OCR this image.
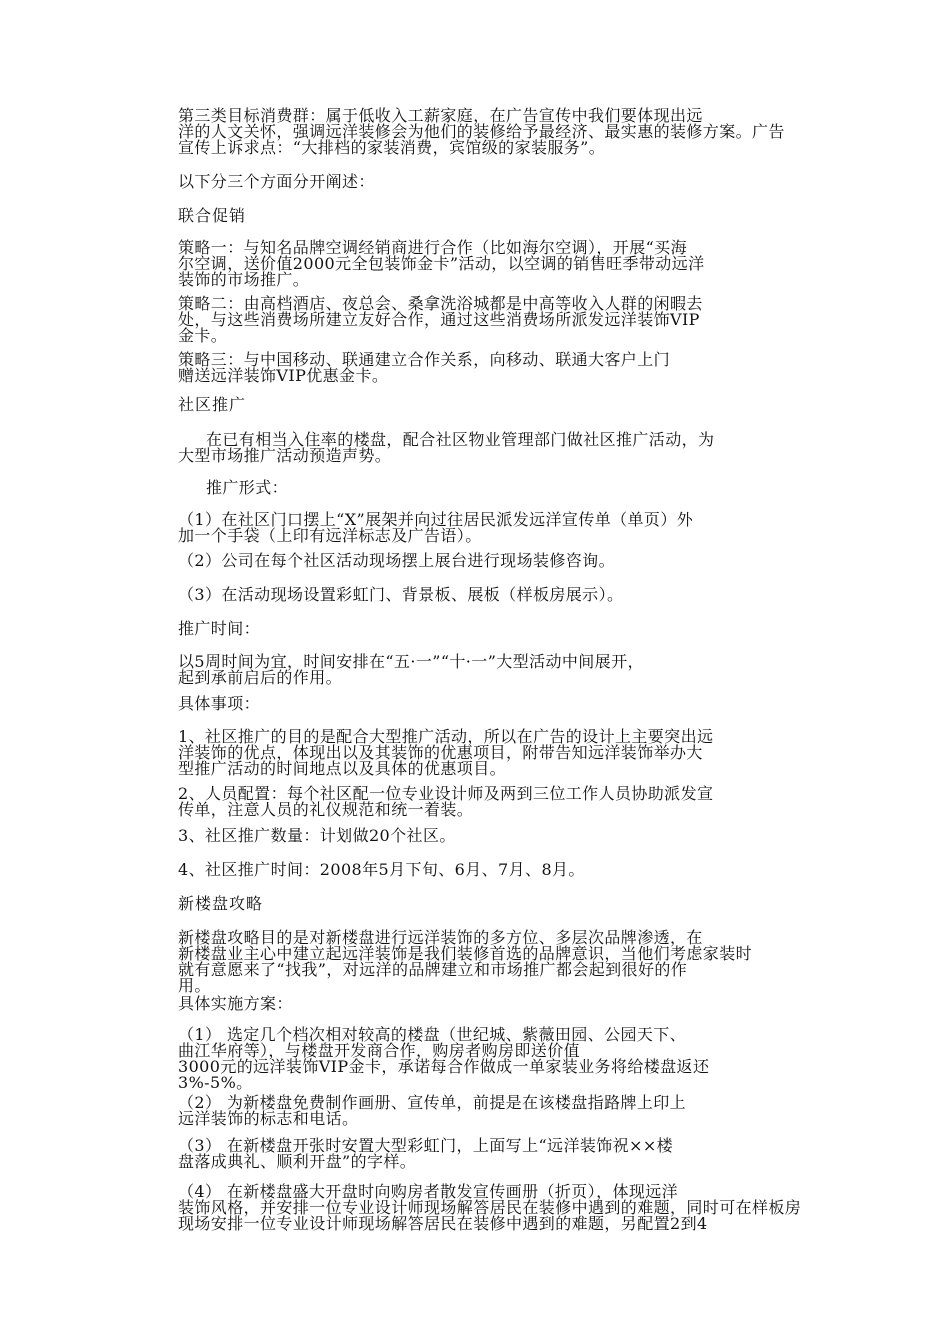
第三类目标消费群：属于低收入工薪家庭，在广告宣传中我们要体现出远
洋的人文关怀，强调远洋装修会为他们的装修给予最经济、最实惠的装修方案。广告
宣传上诉求点：“大排档的家装消费，宾馆级的家装服务”。
以下分三个方面分开阐述：
联合促销
策略一：与知名品牌空调经销商进行合作（比如海尔空调），开展“买海
尔空调，送价值2000元全包装饰金卡”活动，以空调的销售旺季带动远洋
装饰的市场推广。
策略二：由高档酒店、夜总会、桑拿洗浴城都是中高等收入人群的闲暇去
处，与这些消费场所建立友好合作，通过这些消费场所派发远洋装饰VIP
金卡。
策略三：与中国移动、联通建立合作关系，向移动、联通大客户上门
赠送远洋装饰VIP优惠金卡。
社区推广
在已有相当入住率的楼盘，配合社区物业管理部门做社区推广活动，为
大型市场推广活动预造声势。
推广形式：
（1）在社区门口摆上“X”展架并向过往居民派发远洋宣传单（单页）外
加一个手袋（上印有远洋标志及广告语）。
（2）公司在每个社区活动现场摆上展台进行现场装修咨询。
（3）在活动现场设置彩虹门、背景板、展板（样板房展示）。
推广时间：
以5周时间为宜，时间安排在“五·一”“十·一”大型活动中间展开，
起到承前启后的作用。
具体事项：
1、社区推广的目的是配合大型推广活动，所以在广告的设计上主要突出远
洋装饰的优点，体现出以及其装饰的优惠项目，附带告知远洋装饰举办大
型推广活动的时间地点以及具体的优惠项目。
2、人员配置：每个社区配一位专业设计师及两到三位工作人员协助派发宣
传单，注意人员的礼仪规范和统一着装。
3、社区推广数量：计划做20个社区。
4、社区推广时间：2008年5月下旬、6月、7月、8月。
新楼盘攻略
新楼盘攻略目的是对新楼盘进行远洋装饰的多方位、多层次品牌渗透，在
新楼盘业主心中建立起远洋装饰是我们装修首选的品牌意识，当他们考虑家装时
就有意愿来了“找我”，对远洋的品牌建立和市场推广都会起到很好的作
用。
具体实施方案：
（1） 选定几个档次相对较高的楼盘（世纪城、紫薇田园、公园天下、
曲江华府等），与楼盘开发商合作，购房者购房即送价值
3000元的远洋装饰VIP金卡，承诺每合作做成一单家装业务将给楼盘返还
3%-5%。
（2） 为新楼盘免费制作画册、宣传单，前提是在该楼盘指路牌上印上
远洋装饰的标志和电话。
（3） 在新楼盘开张时安置大型彩虹门，上面写上“远洋装饰祝××楼
盘落成典礼、顺利开盘”的字样。
（4） 在新楼盘盛大开盘时向购房者散发宣传画册（折页），体现远洋
装饰风格，并安排一位专业设计师现场解答居民在装修中遇到的难题，同时可在样板房
现场安排一位专业设计师现场解答居民在装修中遇到的难题，另配置2到4
